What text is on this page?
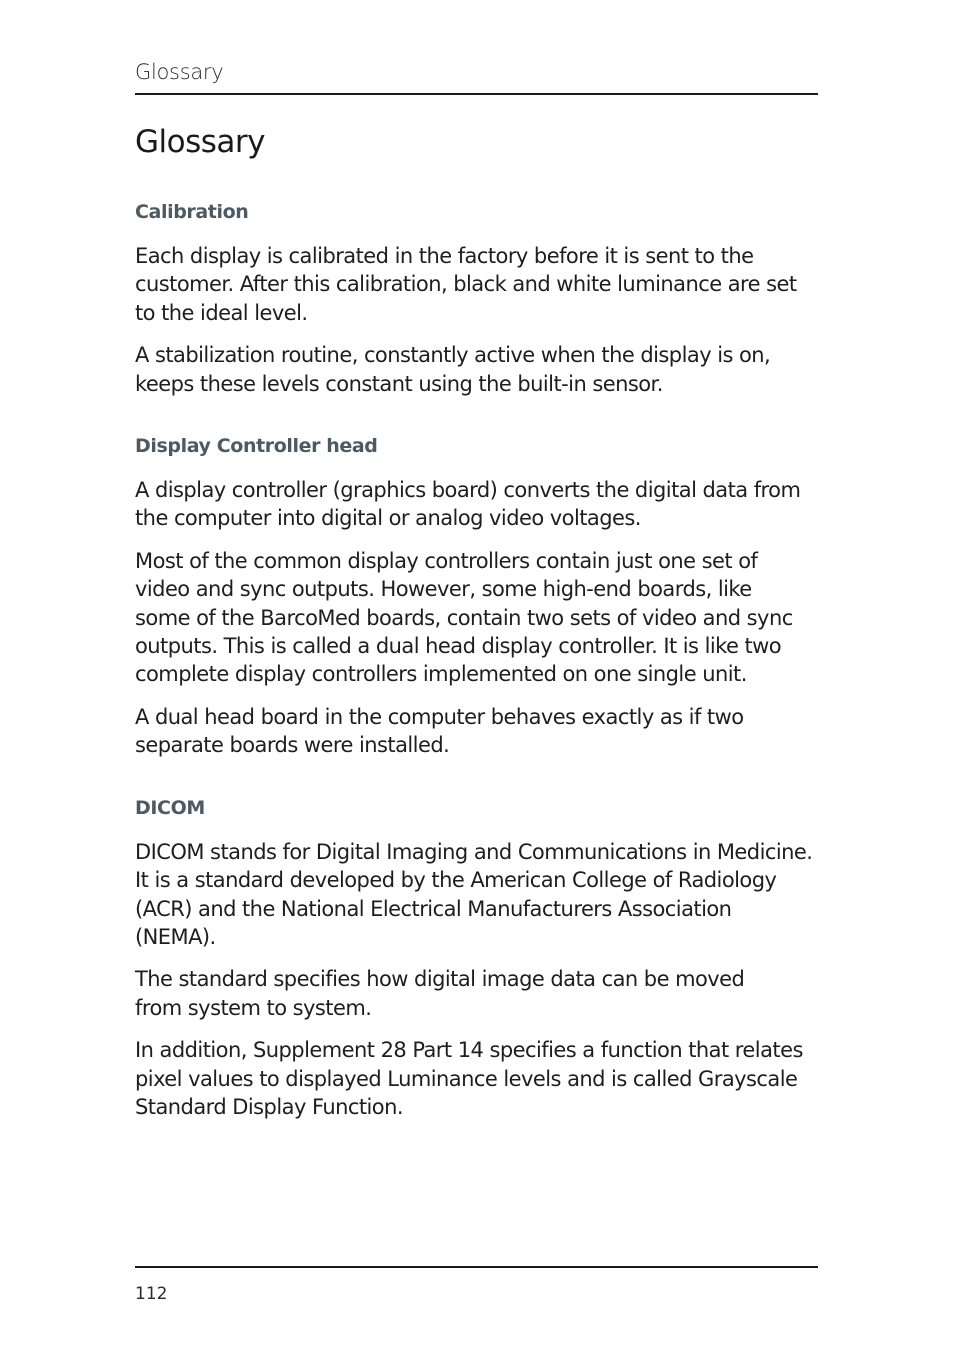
Glossary
Glossary
Calibration

Each display is calibrated in the factory before it is sent to the customer. After this calibration, black and white luminance are set to the ideal level.

A stabilization routine, constantly active when the display is on, keeps these levels constant using the built-in sensor.

Display Controller head

A display controller (graphics board) converts the digital data from the computer into digital or analog video voltages.

Most of the common display controllers contain just one set of video and sync outputs. However, some high-end boards, like some of the BarcoMed boards, contain two sets of video and sync outputs. This is called a dual head display controller. It is like two complete display controllers implemented on one single unit.

A dual head board in the computer behaves exactly as if two separate boards were installed.

DICOM

DICOM stands for Digital Imaging and Communications in Medicine. It is a standard developed by the American College of Radiology (ACR) and the National Electrical Manufacturers Association (NEMA).

The standard specifies how digital image data can be moved from system to system.

In addition, Supplement 28 Part 14 specifies a function that relates pixel values to displayed Luminance levels and is called Grayscale Standard Display Function.

112
